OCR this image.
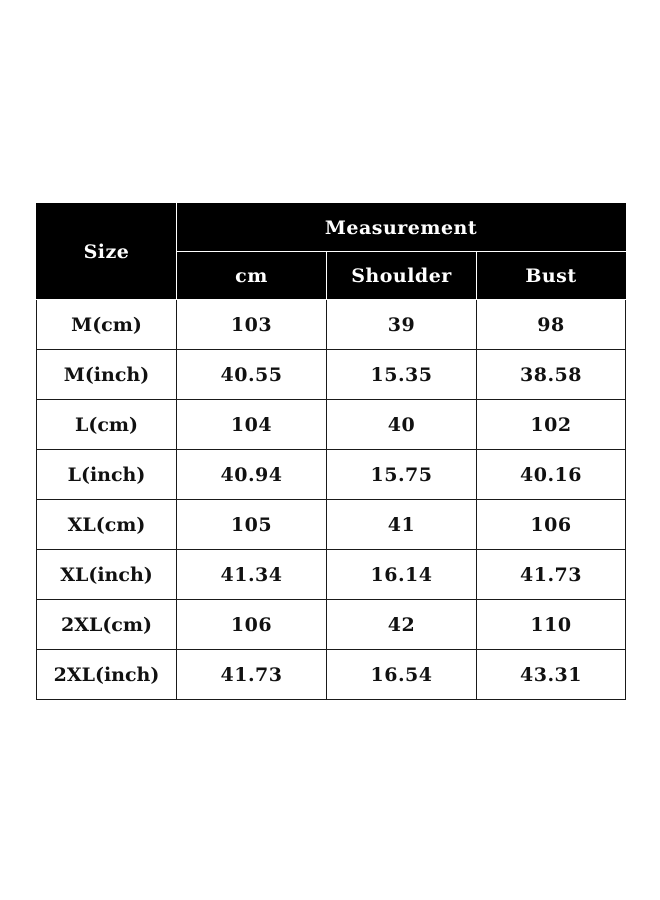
Size	Measurement		
	cm	Shoulder	Bust
M(cm)	103	39	98
M(inch)	40.55	15.35	38.58
L(cm)	104	40	102
L(inch)	40.94	15.75	40.16
XL(cm)	105	41	106
XL(inch)	41.34	16.14	41.73
2XL(cm)	106	42	110
2XL(inch)	41.73	16.54	43.31
